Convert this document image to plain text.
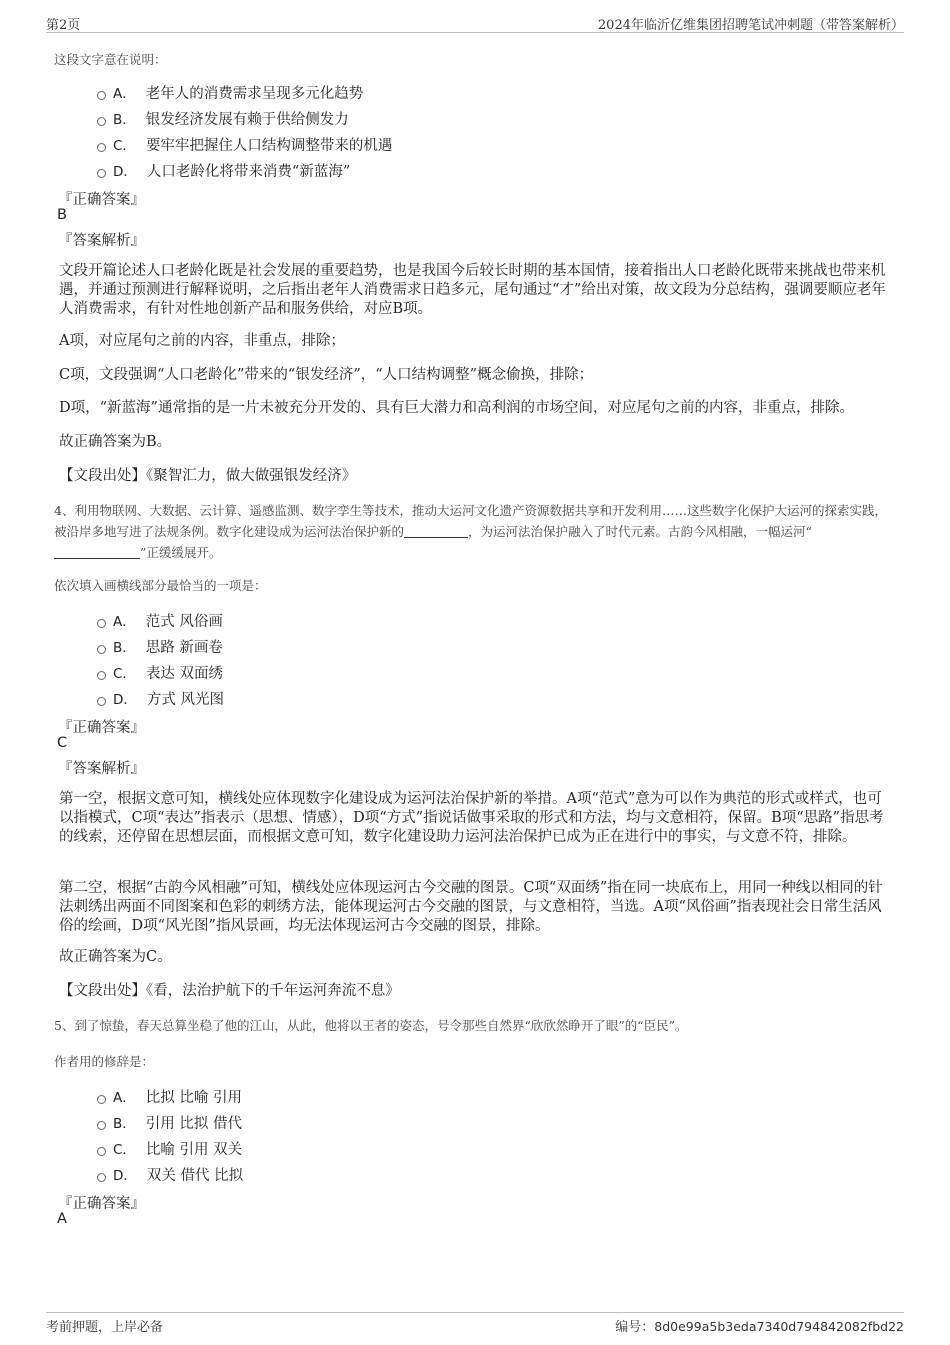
第2页	2024年临沂亿维集团招聘笔试冲刺题（带答案解析）
这段文字意在说明：
A． 老年人的消费需求呈现多元化趋势
B． 银发经济发展有赖于供给侧发力
C． 要牢牢把握住人口结构调整带来的机遇
D． 人口老龄化将带来消费“新蓝海”
『正确答案』
B
『答案解析』
文段开篇论述人口老龄化既是社会发展的重要趋势，也是我国今后较长时期的基本国情，接着指出人口老龄化既带来挑战也带来机遇，并通过预测进行解释说明，之后指出老年人消费需求日趋多元，尾句通过“才”给出对策，故文段为分总结构，强调要顺应老年人消费需求，有针对性地创新产品和服务供给，对应B项。
A项，对应尾句之前的内容，非重点，排除；
C项，文段强调“人口老龄化”带来的“银发经济”，“人口结构调整”概念偷换，排除；
D项，“新蓝海”通常指的是一片未被充分开发的、具有巨大潜力和高利润的市场空间，对应尾句之前的内容，非重点，排除。
故正确答案为B。
【文段出处】《聚智汇力，做大做强银发经济》
4、利用物联网、大数据、云计算、遥感监测、数字孪生等技术，推动大运河文化遗产资源数据共享和开发利用……这些数字化保护大运河的探索实践，被沿岸多地写进了法规条例。数字化建设成为运河法治保护新的	，为运河法治保护融入了时代元素。古韵今风相融，一幅运河“”正缓缓展开。
依次填入画横线部分最恰当的一项是：
A． 范式 风俗画
B． 思路 新画卷
C． 表达 双面绣
D． 方式 风光图
『正确答案』
C
『答案解析』
第一空，根据文意可知，横线处应体现数字化建设成为运河法治保护新的举措。A项“范式”意为可以作为典范的形式或样式，也可以指模式，C项“表达”指表示（思想、情感），D项“方式”指说话做事采取的形式和方法，均与文意相符，保留。B项“思路”指思考的线索，还停留在思想层面，而根据文意可知，数字化建设助力运河法治保护已成为正在进行中的事实，与文意不符，排除。
第二空，根据“古韵今风相融”可知，横线处应体现运河古今交融的图景。C项“双面绣”指在同一块底布上，用同一种线以相同的针法刺绣出两面不同图案和色彩的刺绣方法，能体现运河古今交融的图景，与文意相符，当选。A项“风俗画”指表现社会日常生活风俗的绘画，D项“风光图”指风景画，均无法体现运河古今交融的图景，排除。
故正确答案为C。
【文段出处】《看，法治护航下的千年运河奔流不息》
5、到了惊蛰，春天总算坐稳了他的江山，从此，他将以王者的姿态，号令那些自然界“欣欣然睁开了眼”的“臣民”。
作者用的修辞是：
A． 比拟 比喻 引用
B． 引用 比拟 借代
C． 比喻 引用 双关
D． 双关 借代 比拟
『正确答案』
A
考前押题，上岸必备	编号：8d0e99a5b3eda7340d794842082fbd22
